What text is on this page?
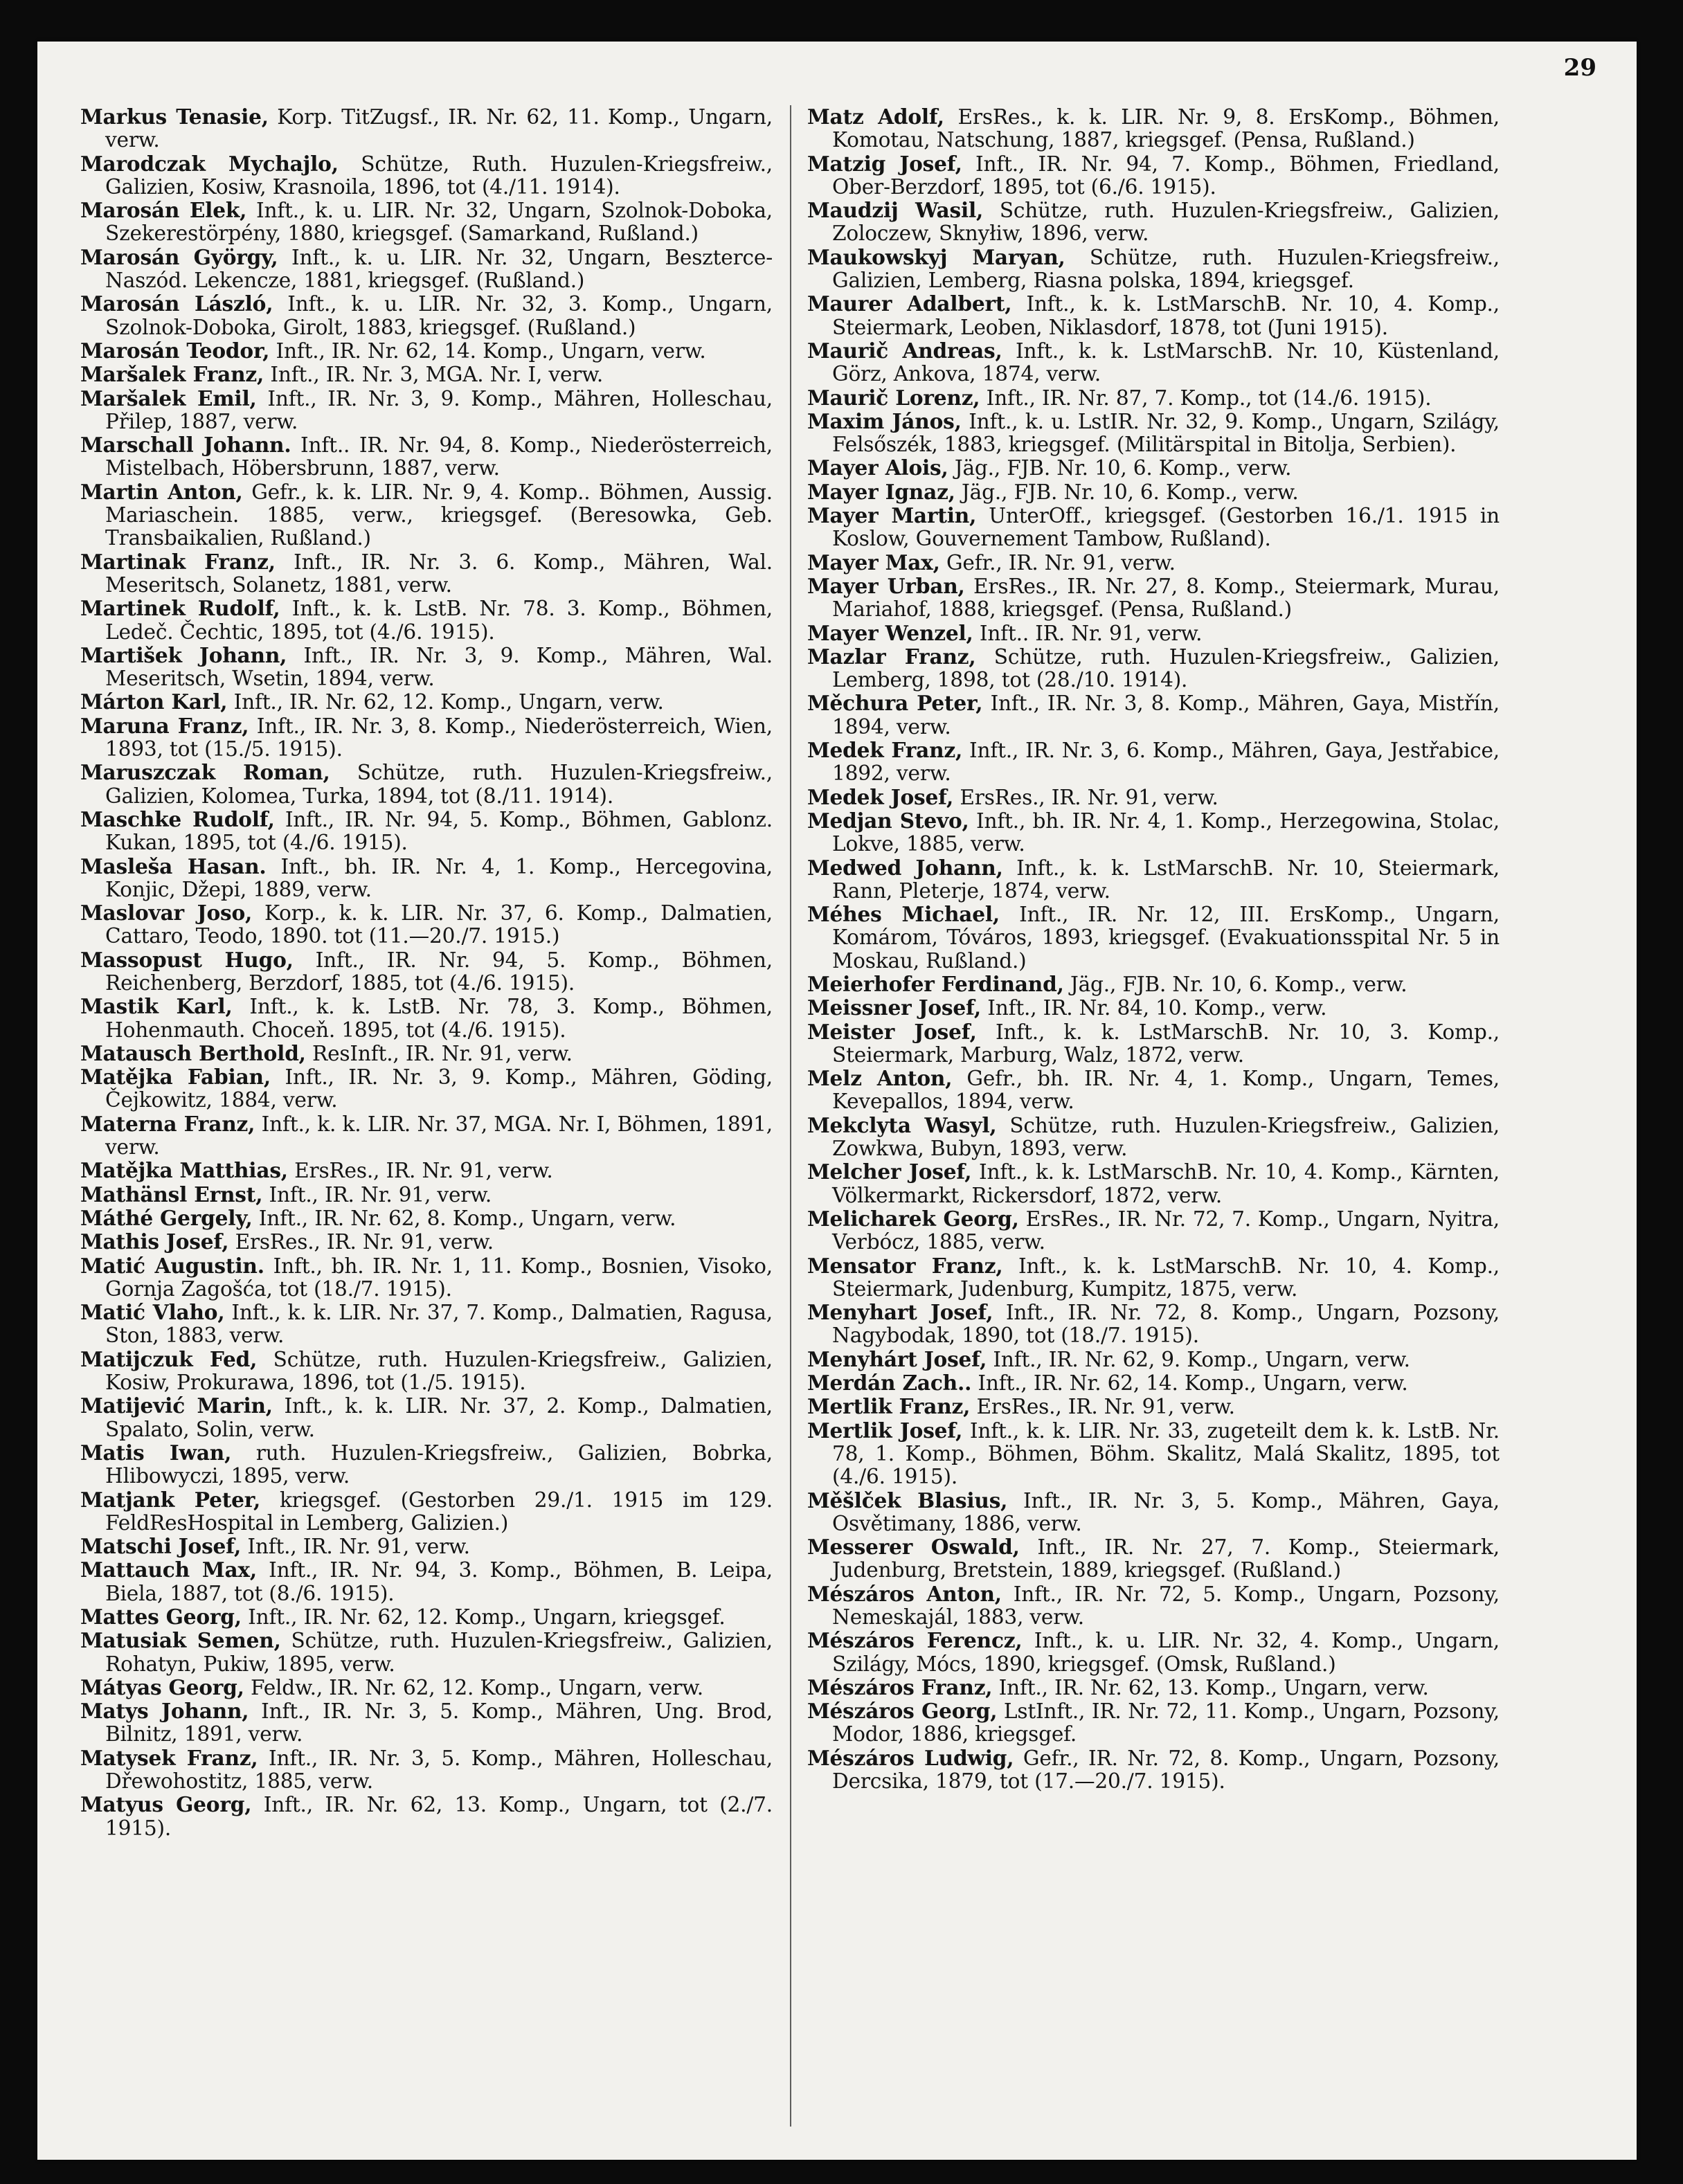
29

Markus Tenasie, Korp. TitZugsf., IR. Nr. 62, 11. Komp., Ungarn, verw.

Marodczak Mychajlo, Schütze, Ruth. Huzulen-Kriegsfreiw., Galizien, Kosiw, Krasnoila, 1896, tot (4./11. 1914).

Marosán Elek, Inft., k. u. LIR. Nr. 32, Ungarn, Szolnok-Doboka, Szekerestörpény, 1880, kriegsgef. (Samarkand, Rußland.)

Marosán György, Inft., k. u. LIR. Nr. 32, Ungarn, Beszterce-Naszód. Lekencze, 1881, kriegsgef. (Rußland.)

Marosán László, Inft., k. u. LIR. Nr. 32, 3. Komp., Ungarn, Szolnok-Doboka, Girolt, 1883, kriegsgef. (Rußland.)

Marosán Teodor, Inft., IR. Nr. 62, 14. Komp., Ungarn, verw.

Maršalek Franz, Inft., IR. Nr. 3, MGA. Nr. I, verw.

Maršalek Emil, Inft., IR. Nr. 3, 9. Komp., Mähren, Holleschau, Přilep, 1887, verw.

Marschall Johann. Inft.. IR. Nr. 94, 8. Komp., Niederösterreich, Mistelbach, Höbersbrunn, 1887, verw.

Martin Anton, Gefr., k. k. LIR. Nr. 9, 4. Komp.. Böhmen, Aussig. Mariaschein. 1885, verw., kriegsgef. (Beresowka, Geb. Transbaikalien, Rußland.)

Martinak Franz, Inft., IR. Nr. 3. 6. Komp., Mähren, Wal. Meseritsch, Solanetz, 1881, verw.

Martinek Rudolf, Inft., k. k. LstB. Nr. 78. 3. Komp., Böhmen, Ledeč. Čechtic, 1895, tot (4./6. 1915).

Martišek Johann, Inft., IR. Nr. 3, 9. Komp., Mähren, Wal. Meseritsch, Wsetin, 1894, verw.

Márton Karl, Inft., IR. Nr. 62, 12. Komp., Ungarn, verw.

Maruna Franz, Inft., IR. Nr. 3, 8. Komp., Niederösterreich, Wien, 1893, tot (15./5. 1915).

Maruszczak Roman, Schütze, ruth. Huzulen-Kriegsfreiw., Galizien, Kolomea, Turka, 1894, tot (8./11. 1914).

Maschke Rudolf, Inft., IR. Nr. 94, 5. Komp., Böhmen, Gablonz. Kukan, 1895, tot (4./6. 1915).

Masleša Hasan. Inft., bh. IR. Nr. 4, 1. Komp., Hercegovina, Konjic, Džepi, 1889, verw.

Maslovar Joso, Korp., k. k. LIR. Nr. 37, 6. Komp., Dalmatien, Cattaro, Teodo, 1890. tot (11.—20./7. 1915.)

Massopust Hugo, Inft., IR. Nr. 94, 5. Komp., Böhmen, Reichenberg, Berzdorf, 1885, tot (4./6. 1915).

Mastik Karl, Inft., k. k. LstB. Nr. 78, 3. Komp., Böhmen, Hohenmauth. Choceň. 1895, tot (4./6. 1915).

Matausch Berthold, ResInft., IR. Nr. 91, verw.

Matějka Fabian, Inft., IR. Nr. 3, 9. Komp., Mähren, Göding, Čejkowitz, 1884, verw.

Materna Franz, Inft., k. k. LIR. Nr. 37, MGA. Nr. I, Böhmen, 1891, verw.

Matějka Matthias, ErsRes., IR. Nr. 91, verw.

Mathänsl Ernst, Inft., IR. Nr. 91, verw.

Máthé Gergely, Inft., IR. Nr. 62, 8. Komp., Ungarn, verw.

Mathis Josef, ErsRes., IR. Nr. 91, verw.

Matić Augustin. Inft., bh. IR. Nr. 1, 11. Komp., Bosnien, Visoko, Gornja Zagošća, tot (18./7. 1915).

Matić Vlaho, Inft., k. k. LIR. Nr. 37, 7. Komp., Dalmatien, Ragusa, Ston, 1883, verw.

Matijczuk Fed, Schütze, ruth. Huzulen-Kriegsfreiw., Galizien, Kosiw, Prokurawa, 1896, tot (1./5. 1915).

Matijević Marin, Inft., k. k. LIR. Nr. 37, 2. Komp., Dalmatien, Spalato, Solin, verw.

Matis Iwan, ruth. Huzulen-Kriegsfreiw., Galizien, Bobrka, Hlibowyczi, 1895, verw.

Matjank Peter, kriegsgef. (Gestorben 29./1. 1915 im 129. FeldResHospital in Lemberg, Galizien.)

Matschi Josef, Inft., IR. Nr. 91, verw.

Mattauch Max, Inft., IR. Nr. 94, 3. Komp., Böhmen, B. Leipa, Biela, 1887, tot (8./6. 1915).

Mattes Georg, Inft., IR. Nr. 62, 12. Komp., Ungarn, kriegsgef.

Matusiak Semen, Schütze, ruth. Huzulen-Kriegsfreiw., Galizien, Rohatyn, Pukiw, 1895, verw.

Mátyas Georg, Feldw., IR. Nr. 62, 12. Komp., Ungarn, verw.

Matys Johann, Inft., IR. Nr. 3, 5. Komp., Mähren, Ung. Brod, Bilnitz, 1891, verw.

Matysek Franz, Inft., IR. Nr. 3, 5. Komp., Mähren, Holleschau, Dřewohostitz, 1885, verw.

Matyus Georg, Inft., IR. Nr. 62, 13. Komp., Ungarn, tot (2./7. 1915).

Matz Adolf, ErsRes., k. k. LIR. Nr. 9, 8. ErsKomp., Böhmen, Komotau, Natschung, 1887, kriegsgef. (Pensa, Rußland.)

Matzig Josef, Inft., IR. Nr. 94, 7. Komp., Böhmen, Friedland, Ober-Berzdorf, 1895, tot (6./6. 1915).

Maudzij Wasil, Schütze, ruth. Huzulen-Kriegsfreiw., Galizien, Zoloczew, Sknyłiw, 1896, verw.

Maukowskyj Maryan, Schütze, ruth. Huzulen-Kriegsfreiw., Galizien, Lemberg, Riasna polska, 1894, kriegsgef.

Maurer Adalbert, Inft., k. k. LstMarschB. Nr. 10, 4. Komp., Steiermark, Leoben, Niklasdorf, 1878, tot (Juni 1915).

Maurič Andreas, Inft., k. k. LstMarschB. Nr. 10, Küstenland, Görz, Ankova, 1874, verw.

Maurič Lorenz, Inft., IR. Nr. 87, 7. Komp., tot (14./6. 1915).

Maxim János, Inft., k. u. LstIR. Nr. 32, 9. Komp., Ungarn, Szilágy, Felsőszék, 1883, kriegsgef. (Militärspital in Bitolja, Serbien).

Mayer Alois, Jäg., FJB. Nr. 10, 6. Komp., verw.

Mayer Ignaz, Jäg., FJB. Nr. 10, 6. Komp., verw.

Mayer Martin, UnterOff., kriegsgef. (Gestorben 16./1. 1915 in Koslow, Gouvernement Tambow, Rußland).

Mayer Max, Gefr., IR. Nr. 91, verw.

Mayer Urban, ErsRes., IR. Nr. 27, 8. Komp., Steiermark, Murau, Mariahof, 1888, kriegsgef. (Pensa, Rußland.)

Mayer Wenzel, Inft.. IR. Nr. 91, verw.

Mazlar Franz, Schütze, ruth. Huzulen-Kriegsfreiw., Galizien, Lemberg, 1898, tot (28./10. 1914).

Měchura Peter, Inft., IR. Nr. 3, 8. Komp., Mähren, Gaya, Mistřín, 1894, verw.

Medek Franz, Inft., IR. Nr. 3, 6. Komp., Mähren, Gaya, Jestřabice, 1892, verw.

Medek Josef, ErsRes., IR. Nr. 91, verw.

Medjan Stevo, Inft., bh. IR. Nr. 4, 1. Komp., Herzegowina, Stolac, Lokve, 1885, verw.

Medwed Johann, Inft., k. k. LstMarschB. Nr. 10, Steiermark, Rann, Pleterje, 1874, verw.

Méhes Michael, Inft., IR. Nr. 12, III. ErsKomp., Ungarn, Komárom, Tóváros, 1893, kriegsgef. (Evakuationsspital Nr. 5 in Moskau, Rußland.)

Meierhofer Ferdinand, Jäg., FJB. Nr. 10, 6. Komp., verw.

Meissner Josef, Inft., IR. Nr. 84, 10. Komp., verw.

Meister Josef, Inft., k. k. LstMarschB. Nr. 10, 3. Komp., Steiermark, Marburg, Walz, 1872, verw.

Melz Anton, Gefr., bh. IR. Nr. 4, 1. Komp., Ungarn, Temes, Kevepallos, 1894, verw.

Mekclyta Wasyl, Schütze, ruth. Huzulen-Kriegsfreiw., Galizien, Zowkwa, Bubyn, 1893, verw.

Melcher Josef, Inft., k. k. LstMarschB. Nr. 10, 4. Komp., Kärnten, Völkermarkt, Rickersdorf, 1872, verw.

Melicharek Georg, ErsRes., IR. Nr. 72, 7. Komp., Ungarn, Nyitra, Verbócz, 1885, verw.

Mensator Franz, Inft., k. k. LstMarschB. Nr. 10, 4. Komp., Steiermark, Judenburg, Kumpitz, 1875, verw.

Menyhart Josef, Inft., IR. Nr. 72, 8. Komp., Ungarn, Pozsony, Nagybodak, 1890, tot (18./7. 1915).

Menyhárt Josef, Inft., IR. Nr. 62, 9. Komp., Ungarn, verw.

Merdán Zach.. Inft., IR. Nr. 62, 14. Komp., Ungarn, verw.

Mertlik Franz, ErsRes., IR. Nr. 91, verw.

Mertlik Josef, Inft., k. k. LIR. Nr. 33, zugeteilt dem k. k. LstB. Nr. 78, 1. Komp., Böhmen, Böhm. Skalitz, Malá Skalitz, 1895, tot (4./6. 1915).

Měšlček Blasius, Inft., IR. Nr. 3, 5. Komp., Mähren, Gaya, Osvětimany, 1886, verw.

Messerer Oswald, Inft., IR. Nr. 27, 7. Komp., Steiermark, Judenburg, Bretstein, 1889, kriegsgef. (Rußland.)

Mészáros Anton, Inft., IR. Nr. 72, 5. Komp., Ungarn, Pozsony, Nemeskajál, 1883, verw.

Mészáros Ferencz, Inft., k. u. LIR. Nr. 32, 4. Komp., Ungarn, Szilágy, Mócs, 1890, kriegsgef. (Omsk, Rußland.)

Mészáros Franz, Inft., IR. Nr. 62, 13. Komp., Ungarn, verw.

Mészáros Georg, LstInft., IR. Nr. 72, 11. Komp., Ungarn, Pozsony, Modor, 1886, kriegsgef.

Mészáros Ludwig, Gefr., IR. Nr. 72, 8. Komp., Ungarn, Pozsony, Dercsika, 1879, tot (17.—20./7. 1915).
